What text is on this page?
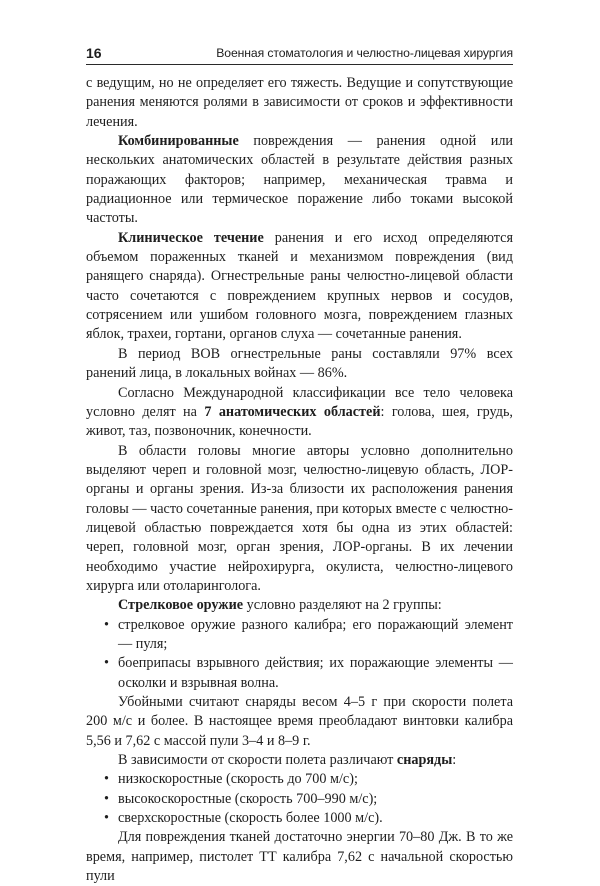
16	Военная стоматология и челюстно-лицевая хирургия

с ведущим, но не определяет его тяжесть. Ведущие и сопутствующие ранения меняются ролями в зависимости от сроков и эффективности лечения.

Комбинированные повреждения — ранения одной или нескольких анатомических областей в результате действия разных поражающих факторов; например, механическая травма и радиационное или термическое поражение либо токами высокой частоты.

Клиническое течение ранения и его исход определяются объемом пораженных тканей и механизмом повреждения (вид ранящего снаряда). Огнестрельные раны челюстно-лицевой области часто сочетаются с повреждением крупных нервов и сосудов, сотрясением или ушибом головного мозга, повреждением глазных яблок, трахеи, гортани, органов слуха — сочетанные ранения.

В период ВОВ огнестрельные раны составляли 97% всех ранений лица, в локальных войнах — 86%.

Согласно Международной классификации все тело человека условно делят на 7 анатомических областей: голова, шея, грудь, живот, таз, позвоночник, конечности.

В области головы многие авторы условно дополнительно выделяют череп и головной мозг, челюстно-лицевую область, ЛОР-органы и органы зрения. Из-за близости их расположения ранения головы — часто сочетанные ранения, при которых вместе с челюстно-лицевой областью повреждается хотя бы одна из этих областей: череп, головной мозг, орган зрения, ЛОР-органы. В их лечении необходимо участие нейрохирурга, окулиста, челюстно-лицевого хирурга или отоларинголога.

Стрелковое оружие условно разделяют на 2 группы:

• стрелковое оружие разного калибра; его поражающий элемент — пуля;

• боеприпасы взрывного действия; их поражающие элементы — осколки и взрывная волна.

Убойными считают снаряды весом 4–5 г при скорости полета 200 м/с и более. В настоящее время преобладают винтовки калибра 5,56 и 7,62 с массой пули 3–4 и 8–9 г.

В зависимости от скорости полета различают снаряды:

• низкоскоростные (скорость до 700 м/с);

• высокоскоростные (скорость 700–990 м/с);

• сверхскоростные (скорость более 1000 м/с).

Для повреждения тканей достаточно энергии 70–80 Дж. В то же время, например, пистолет ТТ калибра 7,62 с начальной скоростью пули
